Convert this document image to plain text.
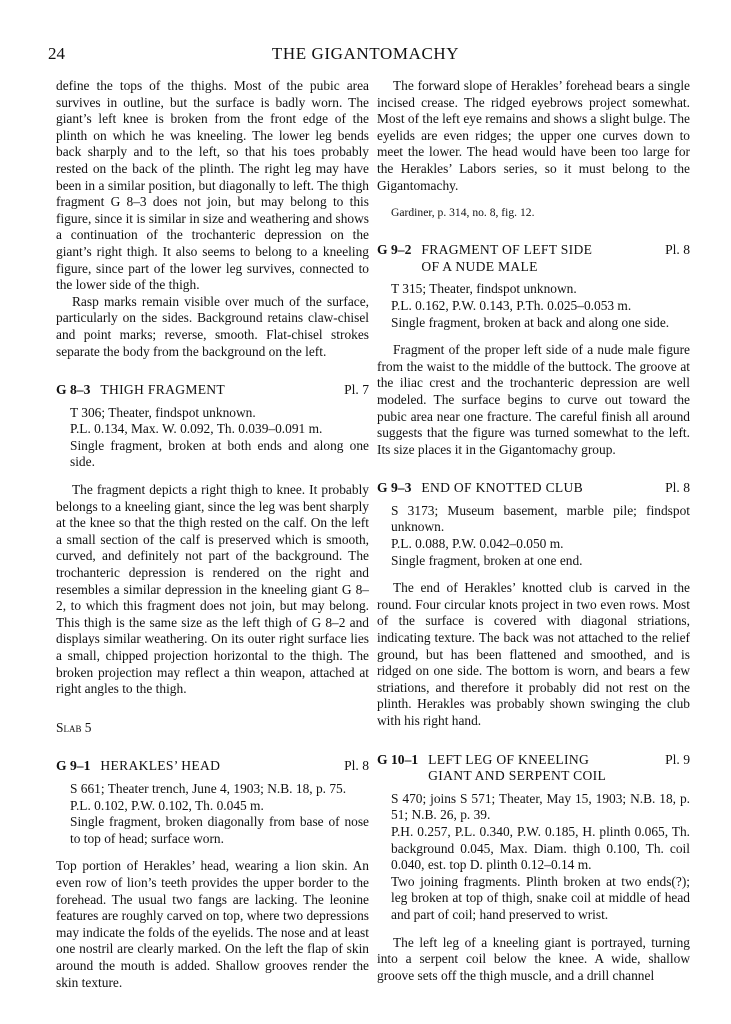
24	THE GIGANTOMACHY

define the tops of the thighs. Most of the pubic area survives in outline, but the surface is badly worn. The giant’s left knee is broken from the front edge of the plinth on which he was kneeling. The lower leg bends back sharply and to the left, so that his toes probably rested on the back of the plinth. The right leg may have been in a similar position, but diagonally to left. The thigh fragment G 8–3 does not join, but may belong to this figure, since it is similar in size and weathering and shows a continuation of the trochanteric depression on the giant’s right thigh. It also seems to belong to a kneeling figure, since part of the lower leg survives, connected to the lower side of the thigh.

Rasp marks remain visible over much of the surface, particularly on the sides. Background retains claw-chisel and point marks; reverse, smooth. Flat-chisel strokes separate the body from the background on the left.

G 8–3 THIGH FRAGMENT	Pl. 7

T 306; Theater, findspot unknown.

P.L. 0.134, Max. W. 0.092, Th. 0.039–0.091 m.

Single fragment, broken at both ends and along one side.

The fragment depicts a right thigh to knee. It probably belongs to a kneeling giant, since the leg was bent sharply at the knee so that the thigh rested on the calf. On the left a small section of the calf is preserved which is smooth, curved, and definitely not part of the background. The trochanteric depression is rendered on the right and resembles a similar depression in the kneeling giant G 8–2, to which this fragment does not join, but may belong. This thigh is the same size as the left thigh of G 8–2 and displays similar weathering. On its outer right surface lies a small, chipped projection horizontal to the thigh. The broken projection may reflect a thin weapon, attached at right angles to the thigh.

Slab 5

G 9–1 HERAKLES’ HEAD	Pl. 8

S 661; Theater trench, June 4, 1903; N.B. 18, p. 75.

P.L. 0.102, P.W. 0.102, Th. 0.045 m.

Single fragment, broken diagonally from base of nose to top of head; surface worn.

Top portion of Herakles’ head, wearing a lion skin. An even row of lion’s teeth provides the upper border to the forehead. The usual two fangs are lacking. The leonine features are roughly carved on top, where two depressions may indicate the folds of the eyelids. The nose and at least one nostril are clearly marked. On the left the flap of skin around the mouth is added. Shallow grooves render the skin texture.

The forward slope of Herakles’ forehead bears a single incised crease. The ridged eyebrows project somewhat. Most of the left eye remains and shows a slight bulge. The eyelids are even ridges; the upper one curves down to meet the lower. The head would have been too large for the Herakles’ Labors series, so it must belong to the Gigantomachy.

Gardiner, p. 314, no. 8, fig. 12.

G 9–2 FRAGMENT OF LEFT SIDE OF A NUDE MALE
Pl. 8

T 315; Theater, findspot unknown.

P.L. 0.162, P.W. 0.143, P.Th. 0.025–0.053 m.

Single fragment, broken at back and along one side.

Fragment of the proper left side of a nude male figure from the waist to the middle of the buttock. The groove at the iliac crest and the trochanteric depression are well modeled. The surface begins to curve out toward the pubic area near one fracture. The careful finish all around suggests that the figure was turned somewhat to the left. Its size places it in the Gigantomachy group.

G 9–3 END OF KNOTTED CLUB	Pl. 8

S 3173; Museum basement, marble pile; findspot unknown.

P.L. 0.088, P.W. 0.042–0.050 m.

Single fragment, broken at one end.

The end of Herakles’ knotted club is carved in the round. Four circular knots project in two even rows. Most of the surface is covered with diagonal striations, indicating texture. The back was not attached to the relief ground, but has been flattened and smoothed, and is ridged on one side. The bottom is worn, and bears a few striations, and therefore it probably did not rest on the plinth. Herakles was probably shown swinging the club with his right hand.

G 10–1 LEFT LEG OF KNEELING GIANT AND SERPENT COIL
Pl. 9

S 470; joins S 571; Theater, May 15, 1903; N.B. 18, p. 51; N.B. 26, p. 39.

P.H. 0.257, P.L. 0.340, P.W. 0.185, H. plinth 0.065, Th. background 0.045, Max. Diam. thigh 0.100, Th. coil 0.040, est. top D. plinth 0.12–0.14 m.

Two joining fragments. Plinth broken at two ends(?); leg broken at top of thigh, snake coil at middle of head and part of coil; hand preserved to wrist.

The left leg of a kneeling giant is portrayed, turning into a serpent coil below the knee. A wide, shallow groove sets off the thigh muscle, and a drill channel
